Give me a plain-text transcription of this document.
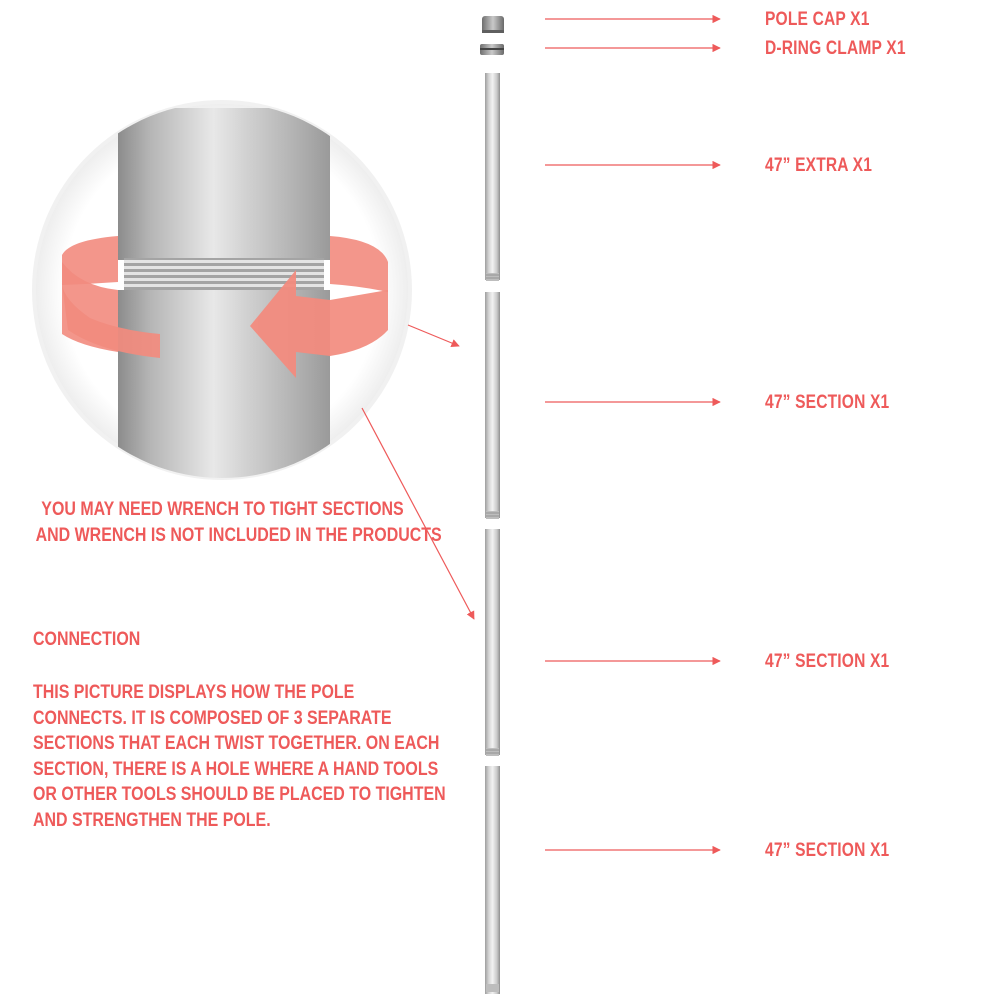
POLE CAP X1
D-RING CLAMP X1
47” EXTRA X1
47” SECTION X1
47” SECTION X1
47” SECTION X1
YOU MAY NEED WRENCH TO TIGHT SECTIONS
AND WRENCH IS NOT INCLUDED IN THE PRODUCTS
CONNECTION
THIS PICTURE DISPLAYS HOW THE POLE
CONNECTS. IT IS COMPOSED OF 3 SEPARATE
SECTIONS THAT EACH TWIST TOGETHER. ON EACH
SECTION, THERE IS A HOLE WHERE A HAND TOOLS
OR OTHER TOOLS SHOULD BE PLACED TO TIGHTEN
AND STRENGTHEN THE POLE.
